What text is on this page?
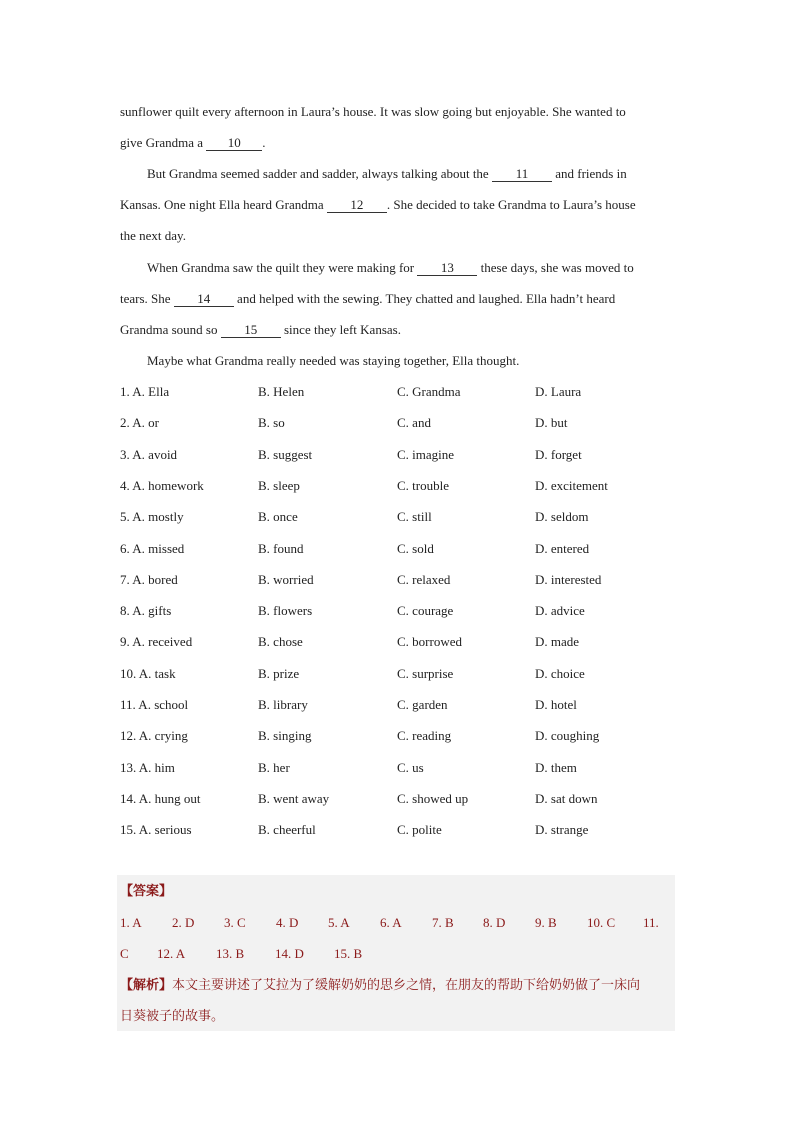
sunflower quilt every afternoon in Laura’s house. It was slow going but enjoyable. She wanted to
give Grandma a 10 .
But Grandma seemed sadder and sadder, always talking about the 11 and friends in
Kansas. One night Ella heard Grandma 12 . She decided to take Grandma to Laura’s house
the next day.
When Grandma saw the quilt they were making for 13 these days, she was moved to
tears. She 14 and helped with the sewing. They chatted and laughed. Ella hadn’t heard
Grandma sound so 15 since they left Kansas.
Maybe what Grandma really needed was staying together, Ella thought.
1. A. Ella	B. Helen	C. Grandma	D. Laura
2. A. or	B. so	C. and	D. but
3. A. avoid	B. suggest	C. imagine	D. forget
4. A. homework	B. sleep	C. trouble	D. excitement
5. A. mostly	B. once	C. still	D. seldom
6. A. missed	B. found	C. sold	D. entered
7. A. bored	B. worried	C. relaxed	D. interested
8. A. gifts	B. flowers	C. courage	D. advice
9. A. received	B. chose	C. borrowed	D. made
10. A. task	B. prize	C. surprise	D. choice
11. A. school	B. library	C. garden	D. hotel
12. A. crying	B. singing	C. reading	D. coughing
13. A. him	B. her	C. us	D. them
14. A. hung out	B. went away	C. showed up	D. sat down
15. A. serious	B. cheerful	C. polite	D. strange
【答案】
1. A 2. D 3. C 4. D 5. A 6. A 7. B 8. D 9. B 10. C 11.
C 12. A 13. B 14. D 15. B
【解析】本文主要讲述了艾拉为了缓解奶奶的思乡之情，在朋友的帮助下给奶奶做了一床向
日葵被子的故事。
